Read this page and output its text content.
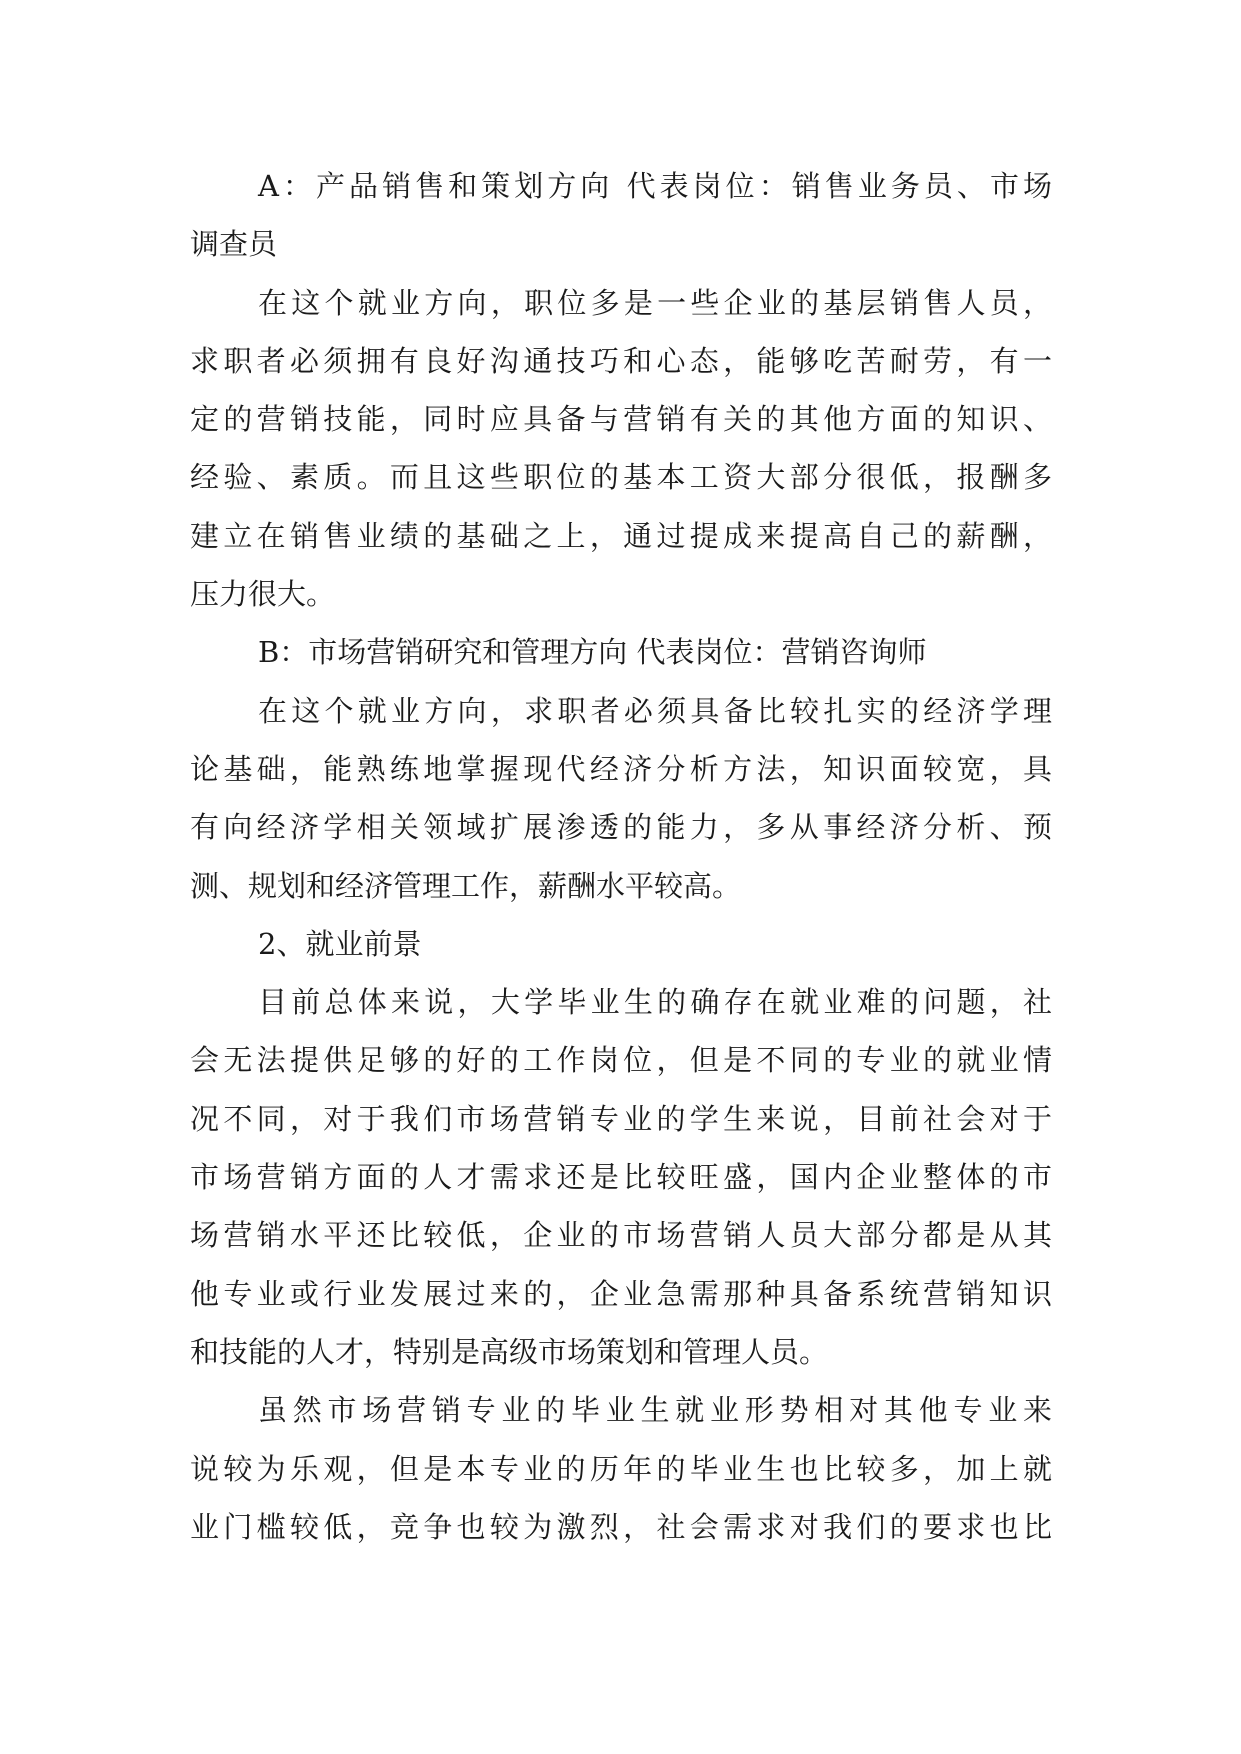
A：产品销售和策划方向 代表岗位：销售业务员、市场
调查员
在这个就业方向，职位多是一些企业的基层销售人员，
求职者必须拥有良好沟通技巧和心态，能够吃苦耐劳，有一
定的营销技能，同时应具备与营销有关的其他方面的知识、
经验、素质。而且这些职位的基本工资大部分很低，报酬多
建立在销售业绩的基础之上，通过提成来提高自己的薪酬，
压力很大。
B：市场营销研究和管理方向 代表岗位：营销咨询师
在这个就业方向，求职者必须具备比较扎实的经济学理
论基础，能熟练地掌握现代经济分析方法，知识面较宽，具
有向经济学相关领域扩展渗透的能力，多从事经济分析、预
测、规划和经济管理工作，薪酬水平较高。
2、就业前景
目前总体来说，大学毕业生的确存在就业难的问题，社
会无法提供足够的好的工作岗位，但是不同的专业的就业情
况不同，对于我们市场营销专业的学生来说，目前社会对于
市场营销方面的人才需求还是比较旺盛，国内企业整体的市
场营销水平还比较低，企业的市场营销人员大部分都是从其
他专业或行业发展过来的，企业急需那种具备系统营销知识
和技能的人才，特别是高级市场策划和管理人员。
虽然市场营销专业的毕业生就业形势相对其他专业来
说较为乐观，但是本专业的历年的毕业生也比较多，加上就
业门槛较低，竞争也较为激烈，社会需求对我们的要求也比
